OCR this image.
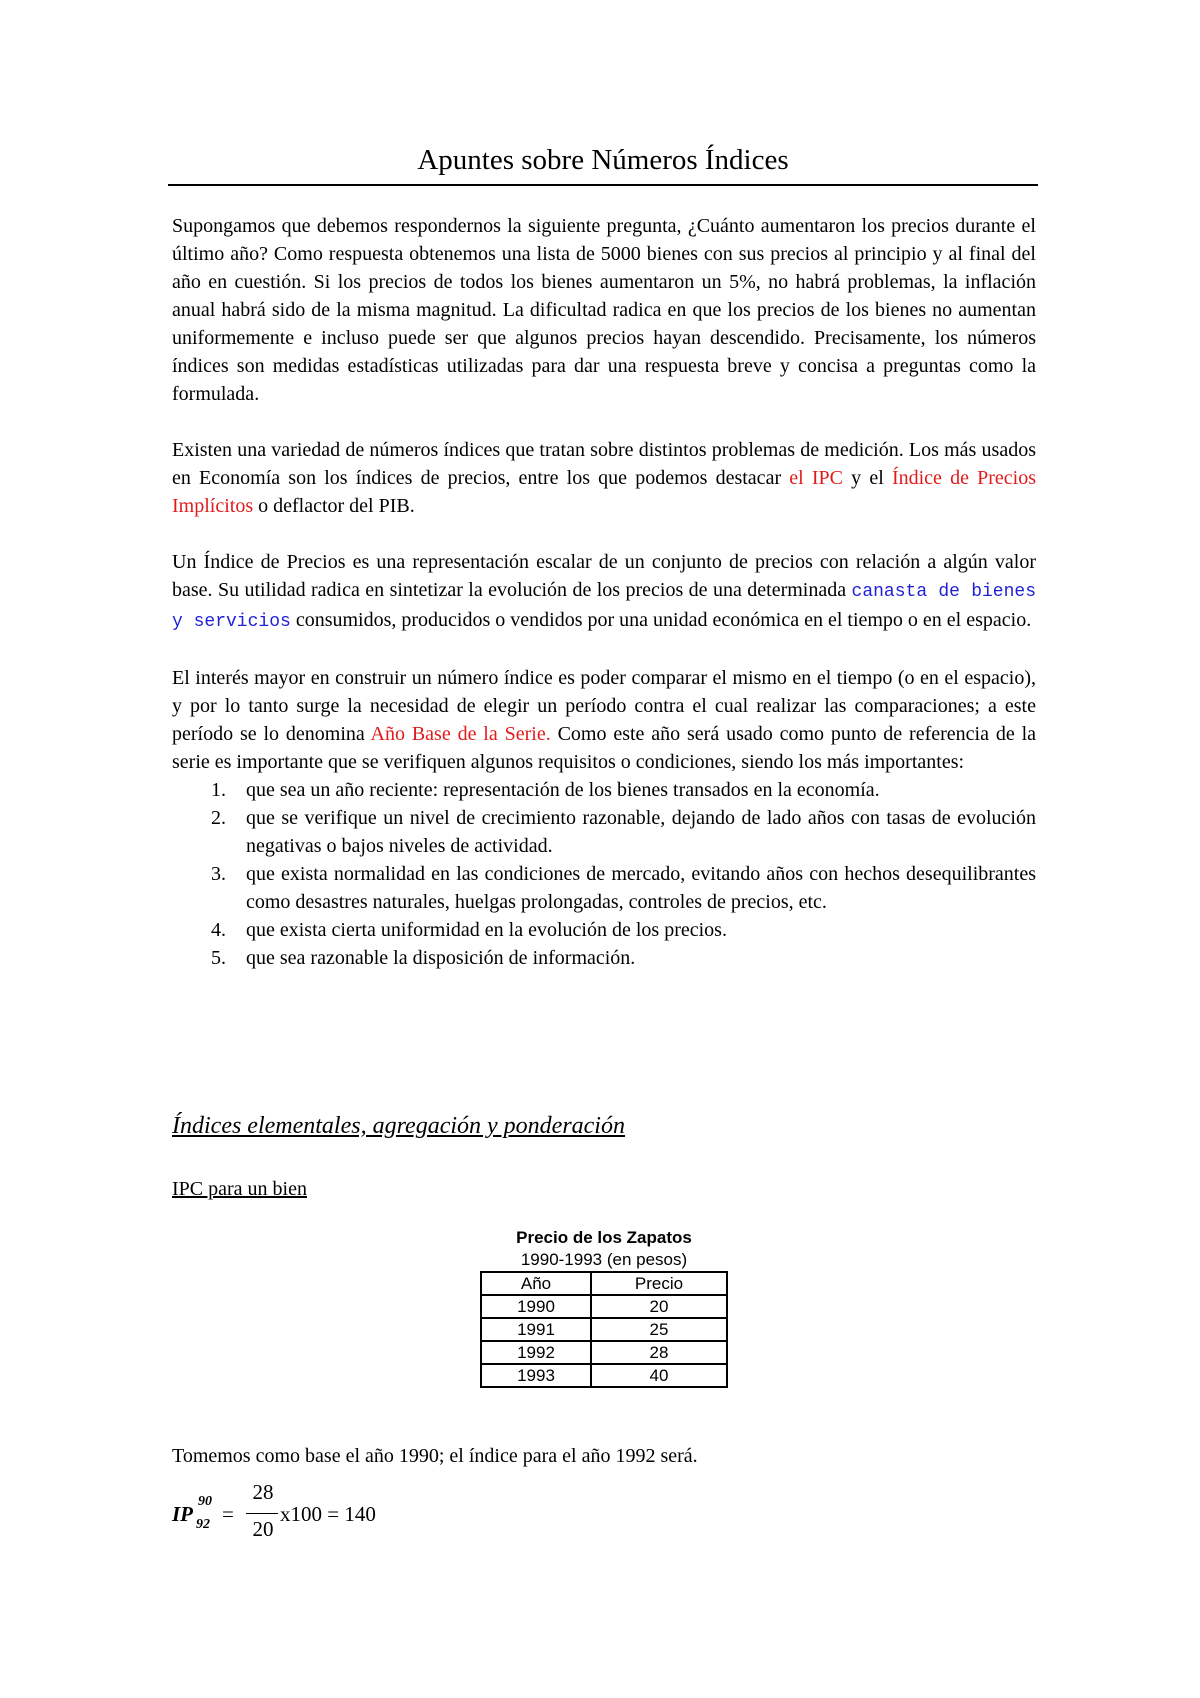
Apuntes sobre Números Índices

Supongamos que debemos respondernos la siguiente pregunta, ¿Cuánto aumentaron los precios durante el último año? Como respuesta obtenemos una lista de 5000 bienes con sus precios al principio y al final del año en cuestión. Si los precios de todos los bienes aumentaron un 5%, no habrá problemas, la inflación anual habrá sido de la misma magnitud. La dificultad radica en que los precios de los bienes no aumentan uniformemente e incluso puede ser que algunos precios hayan descendido. Precisamente, los números índices son medidas estadísticas utilizadas para dar una respuesta breve y concisa a preguntas como la formulada.

Existen una variedad de números índices que tratan sobre distintos problemas de medición. Los más usados en Economía son los índices de precios, entre los que podemos destacar el IPC y el Índice de Precios Implícitos o deflactor del PIB.

Un Índice de Precios es una representación escalar de un conjunto de precios con relación a algún valor base. Su utilidad radica en sintetizar la evolución de los precios de una determinada canasta de bienes y servicios consumidos, producidos o vendidos por una unidad económica en el tiempo o en el espacio.

El interés mayor en construir un número índice es poder comparar el mismo en el tiempo (o en el espacio), y por lo tanto surge la necesidad de elegir un período contra el cual realizar las comparaciones; a este período se lo denomina Año Base de la Serie. Como este año será usado como punto de referencia de la serie es importante que se verifiquen algunos requisitos o condiciones, siendo los más importantes:

1. que sea un año reciente: representación de los bienes transados en la economía.
2. que se verifique un nivel de crecimiento razonable, dejando de lado años con tasas de evolución negativas o bajos niveles de actividad.
3. que exista normalidad en las condiciones de mercado, evitando años con hechos desequilibrantes como desastres naturales, huelgas prolongadas, controles de precios, etc.
4. que exista cierta uniformidad en la evolución de los precios.
5. que sea razonable la disposición de información.
Índices elementales, agregación y ponderación
IPC para un bien
Precio de los Zapatos
1990-1993 (en pesos)
Año	Precio
1990	20
1991	25
1992	28
1993	40
Tomemos como base el año 1990; el índice para el año 1992 será.
IP
90
92 =
28
20
x100 = 140
